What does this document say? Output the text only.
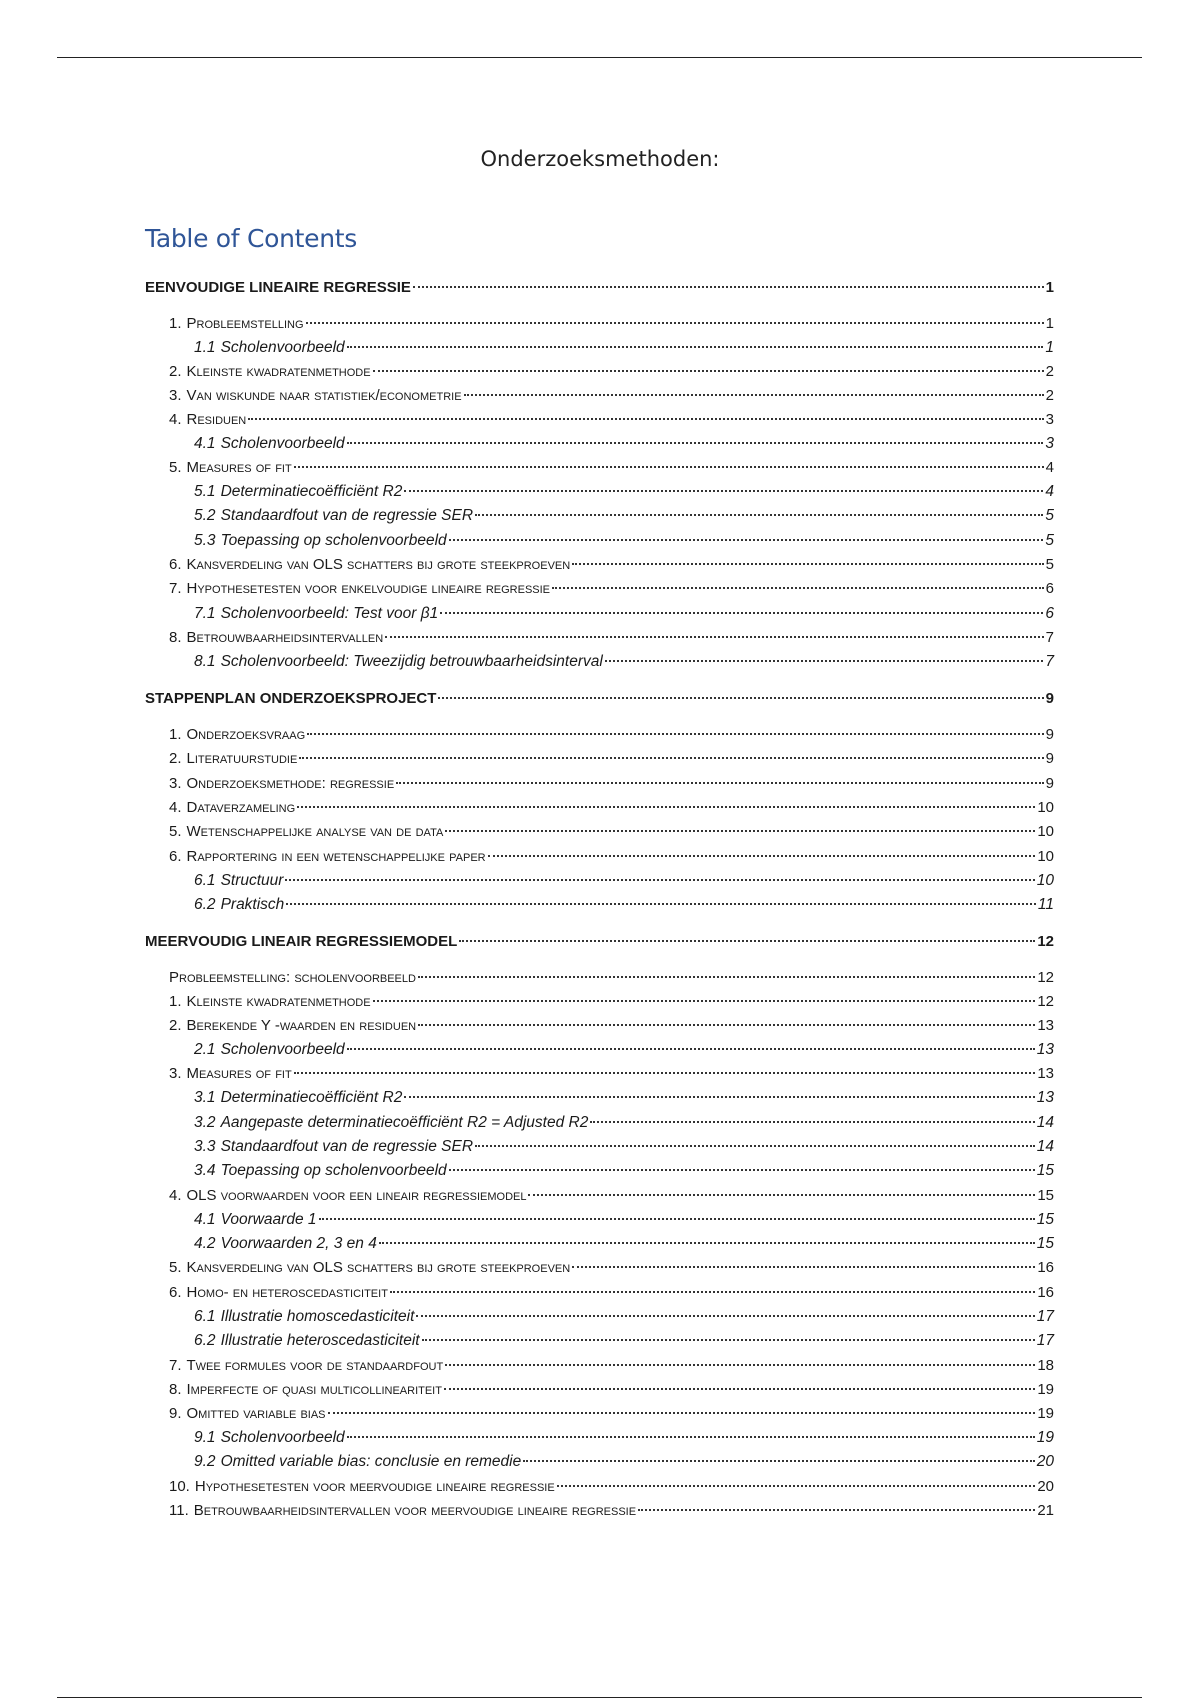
Onderzoeksmethoden:
Table of Contents
EENVOUDIGE LINEAIRE REGRESSIE	1
1. Probleemstelling	1
1.1 Scholenvoorbeeld	1
2. Kleinste kwadratenmethode	2
3. Van wiskunde naar statistiek/econometrie	2
4. Residuen	3
4.1 Scholenvoorbeeld	3
5. Measures of fit	4
5.1 Determinatiecoëfficiënt R2	4
5.2 Standaardfout van de regressie SER	5
5.3 Toepassing op scholenvoorbeeld	5
6. Kansverdeling van OLS schatters bij grote steekproeven	5
7. Hypothesetesten voor enkelvoudige lineaire regressie	6
7.1 Scholenvoorbeeld: Test voor β1	6
8. Betrouwbaarheidsintervallen	7
8.1 Scholenvoorbeeld: Tweezijdig betrouwbaarheidsinterval	7
STAPPENPLAN ONDERZOEKSPROJECT	9
1. Onderzoeksvraag	9
2. Literatuurstudie	9
3. Onderzoeksmethode: regressie	9
4. Dataverzameling	10
5. Wetenschappelijke analyse van de data	10
6. Rapportering in een wetenschappelijke paper	10
6.1 Structuur	10
6.2 Praktisch	11
MEERVOUDIG LINEAIR REGRESSIEMODEL	12
Probleemstelling: scholenvoorbeeld	12
1. Kleinste kwadratenmethode	12
2. Berekende Y -waarden en residuen	13
2.1 Scholenvoorbeeld	13
3. Measures of fit	13
3.1 Determinatiecoëfficiënt R2	13
3.2 Aangepaste determinatiecoëfficiënt R2 = Adjusted R2	14
3.3 Standaardfout van de regressie SER	14
3.4 Toepassing op scholenvoorbeeld	15
4. OLS voorwaarden voor een lineair regressiemodel	15
4.1 Voorwaarde 1	15
4.2 Voorwaarden 2, 3 en 4	15
5. Kansverdeling van OLS schatters bij grote steekproeven	16
6. Homo- en heteroscedasticiteit	16
6.1 Illustratie homoscedasticiteit	17
6.2 Illustratie heteroscedasticiteit	17
7. Twee formules voor de standaardfout	18
8. Imperfecte of quasi multicollineariteit	19
9. Omitted variable bias	19
9.1 Scholenvoorbeeld	19
9.2 Omitted variable bias: conclusie en remedie	20
10. Hypothesetesten voor meervoudige lineaire regressie	20
11. Betrouwbaarheidsintervallen voor meervoudige lineaire regressie	21
